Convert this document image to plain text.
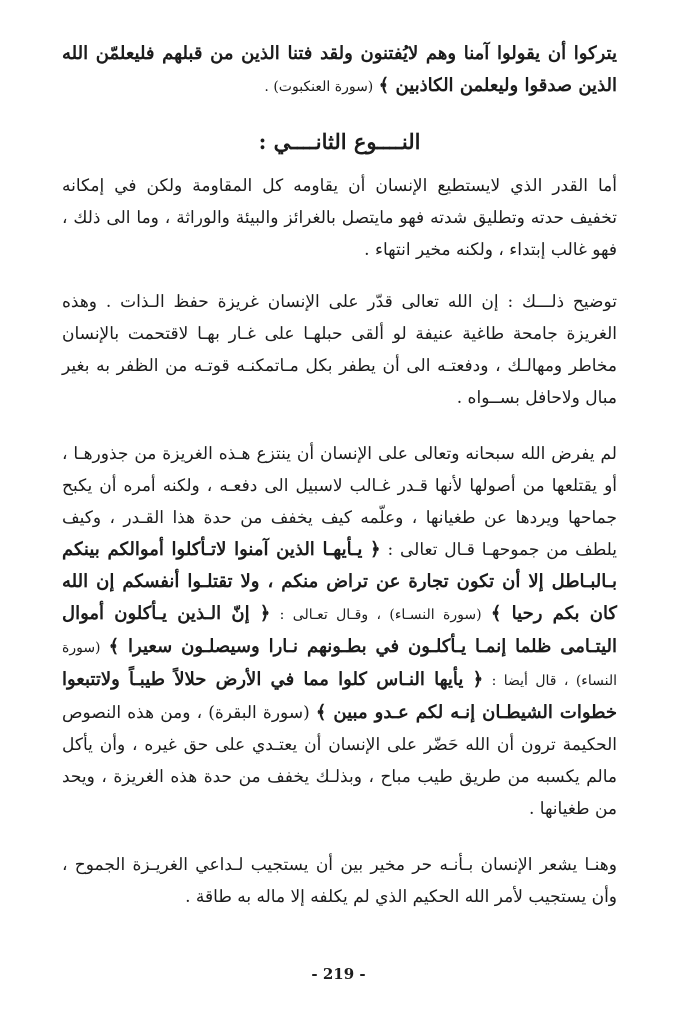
يتركوا أن يقولوا آمنا وهم لايُفتنون ولقد فتنا الذين من قبلهم فليعلمّن الله الذين صدقوا وليعلمن الكاذبين ﴾ (سورة العنكبوت) .

النــــوع الثانــــي :

أما القدر الذي لايستطيع الإنسان أن يقاومه كل المقاومة ولكن في إمكانه تخفيف حدته وتطليق شدته فهو مايتصل بالغرائز والبيئة والوراثة ، وما الى ذلك ، فهو غالب إبتداء ، ولكنه مخير انتهاء .

توضيح ذلـــك : إن الله تعالى قدّر على الإنسان غريزة حفظ الـذات . وهذه الغريزة جامحة طاغية عنيفة لو ألقى حبلهـا على غـار بهـا لاقتحمت بالإنسان مخاطر ومهالـك ، ودفعتـه الى أن يطفر بكل مـاتمكنـه قوتـه من الظفر به بغير مبال ولاحافل بســواه .

لم يفرض الله سبحانه وتعالى على الإنسان أن ينتزع هـذه الغريزة من جذورهـا ، أو يقتلعها من أصولها لأنها قـدر غـالب لاسبيل الى دفعـه ، ولكنه أمره أن يكبح جماحها ويردها عن طغيانها ، وعلّمه كيف يخفف من حدة هذا القـدر ، وكيف يلطف من جموحهـا قـال تعالى : ﴿ يـأيهـا الذين آمنوا لاتـأكلوا أموالكم بينكم بـالبـاطل إلا أن تكون تجارة عن تراض منكم ، ولا تقتلـوا أنفسكم إن الله كان بكم رحيا ﴾ (سورة النسـاء) ، وقـال تعـالى : ﴿ إنّ الـذين يـأكلون أموال اليتـامى ظلما إنمـا يـأكلـون في بطـونهم نـارا وسيصلـون سعيرا ﴾ (سورة النساء) ، قال أيضا : ﴿ يأيها النـاس كلوا مما في الأرض حلالاً طيبـاً ولاتتبعوا خطوات الشيطـان إنـه لكم عـدو مبين ﴾ (سورة البقرة) ، ومن هذه النصوص الحكيمة ترون أن الله حَضّر على الإنسان أن يعتـدي على حق غيره ، وأن يأكل مالم يكسبه من طريق طيب مباح ، وبذلـك يخفف من حدة هذه الغريزة ، ويحد من طغيانها .

وهنـا يشعر الإنسان بـأنـه حر مخير بين أن يستجيب لـداعي الغريـزة الجموح ، وأن يستجيب لأمر الله الحكيم الذي لم يكلفه إلا ماله به طاقة .

- 219 -
